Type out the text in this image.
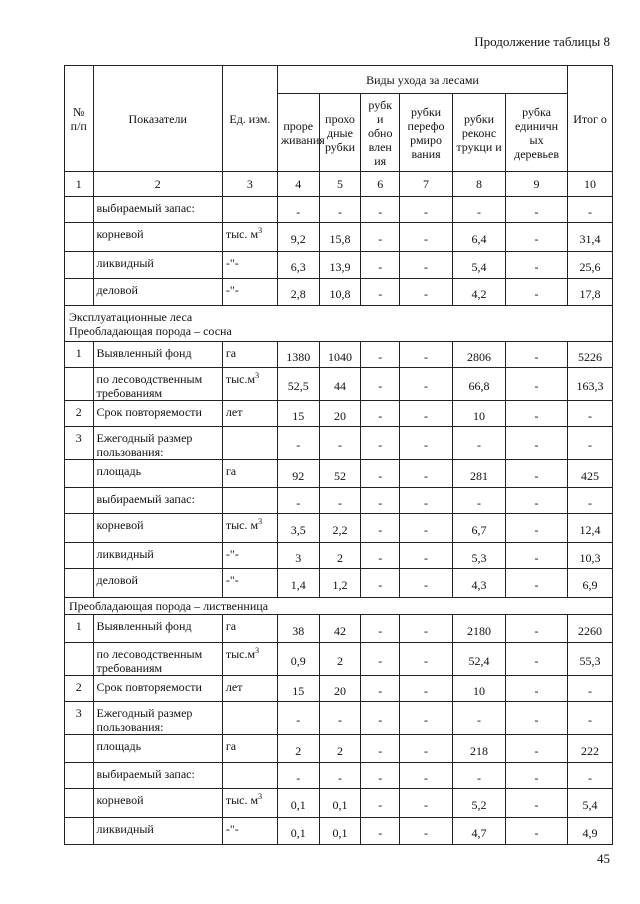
Продолжение таблицы 8
№ п/п	Показатели	Ед. изм.	Виды ухода за лесами						Итог о
			проре живания	прохо дные рубки	рубк и обно влен ия	рубки перефо рмиро вания	рубки реконс трукци и	рубка единичн ых деревьев	
1	2	3	4	5	6	7	8	9	10
	выбираемый запас:		-	-	-	-	-	-	-
	корневой	тыс. $м^3$	9,2	15,8	-	-	6,4	-	31,4
	ликвидный	-"-	6,3	13,9	-	-	5,4	-	25,6
	деловой	-"-	2,8	10,8	-	-	4,2	-	17,8

Эксплуатационные леса
Преобладающая порода – сосна									

1	Выявленный фонд	га	1380	1040	-	-	2806	-	5226
	по лесоводственным требованиям	$тыс.м^3$	52,5	44	-	-	66,8	-	163,3
2	Срок повторяемости	лет	15	20	-	-	10	-	-
3	Ежегодный размер пользования:		-	-	-	-	-	-	-
	площадь	га	92	52	-	-	281	-	425
	выбираемый запас:		-	-	-	-	-	-	-
	корневой	тыс. $м^3$	3,5	2,2	-	-	6,7	-	12,4
	ликвидный	-"-	3	2	-	-	5,3	-	10,3
	деловой	-"-	1,4	1,2	-	-	4,3	-	6,9
Преобладающая порода – лиственница									
1	Выявленный фонд	га	38	42	-	-	2180	-	2260
	по лесоводственным требованиям	$тыс.м^3$	0,9	2	-	-	52,4	-	55,3
2	Срок повторяемости	лет	15	20	-	-	10	-	-
3	Ежегодный размер пользования:		-	-	-	-	-	-	-
	площадь	га	2	2	-	-	218	-	222
	выбираемый запас:		-	-	-	-	-	-	-
	корневой	тыс. $м^3$	0,1	0,1	-	-	5,2	-	5,4
	ликвидный	-"-	0,1	0,1	-	-	4,7	-	4,9
45
